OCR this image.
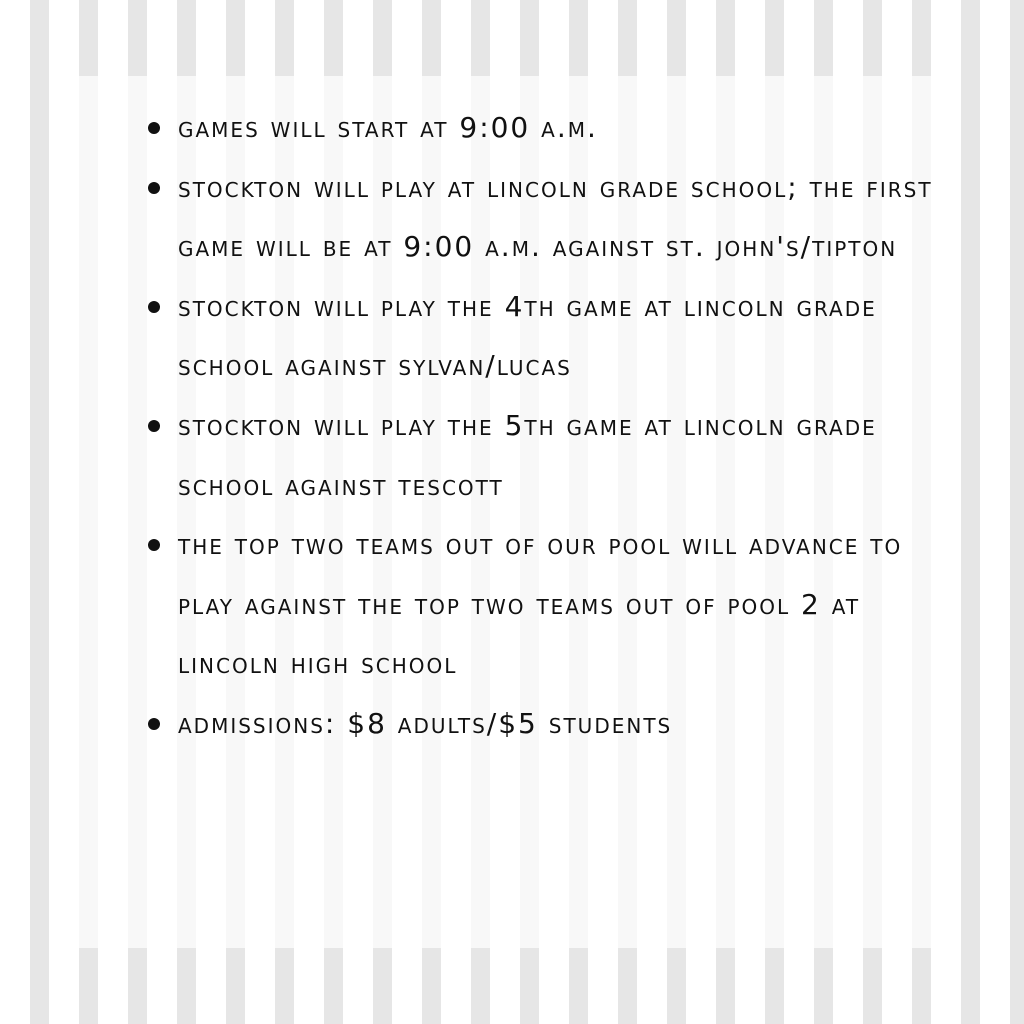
games will start at 9:00 a.m.
stockton will play at lincoln grade school; the first game will be at 9:00 a.m. against st. john's/tipton
stockton will play the 4th game at lincoln grade school against sylvan/lucas
stockton will play the 5th game at lincoln grade school against tescott
the top two teams out of our pool will advance to play against the top two teams out of pool 2 at lincoln high school
admissions: $8 adults/$5 students
